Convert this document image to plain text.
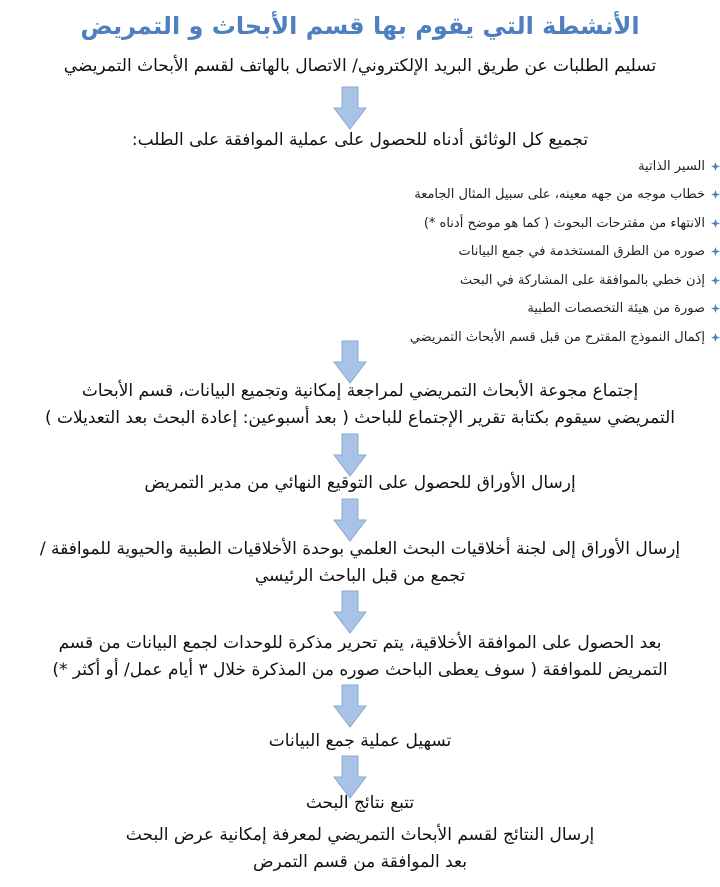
الأنشطة التي يقوم بها قسم الأبحاث و التمريض
تسليم الطلبات عن طريق البريد الإلكتروني/ الاتصال بالهاتف لقسم الأبحاث التمريضي
تجميع كل الوثائق أدناه للحصول على عملية الموافقة على الطلب:
السير الذاتية
خطاب موجه من جهه معينه، على سبيل المثال الجامعة
الانتهاء من مقترحات البحوث ( كما هو موضح أدناه *)
صوره من الطرق المستخدمة في جمع البيانات
إذن خطي بالموافقة على المشاركة في البحث
صورة من هيئة التخصصات الطبية
إكمال النموذج المقترح من قبل قسم الأبحاث التمريضي
إجتماع مجوعة الأبحاث التمريضي لمراجعة إمكانية وتجميع البيانات، قسم الأبحاث
التمريضي سيقوم بكتابة تقرير الإجتماع للباحث ( بعد أسبوعين: إعادة البحث بعد التعديلات )
إرسال الأوراق للحصول على التوقيع النهائي من مدير التمريض
إرسال الأوراق إلى لجنة أخلاقيات البحث العلمي بوحدة الأخلاقيات الطبية والحيوية للموافقة /
تجمع من قبل الباحث الرئيسي
بعد الحصول على الموافقة الأخلاقية، يتم تحرير مذكرة للوحدات لجمع البيانات من قسم
التمريض للموافقة ( سوف يعطى الباحث صوره من المذكرة خلال ٣ أيام عمل/ أو أكثر *)
تسهيل عملية جمع البيانات
تتبع نتائج البحث
إرسال النتائج لقسم الأبحاث التمريضي لمعرفة إمكانية عرض البحث
بعد الموافقة من قسم التمرض
